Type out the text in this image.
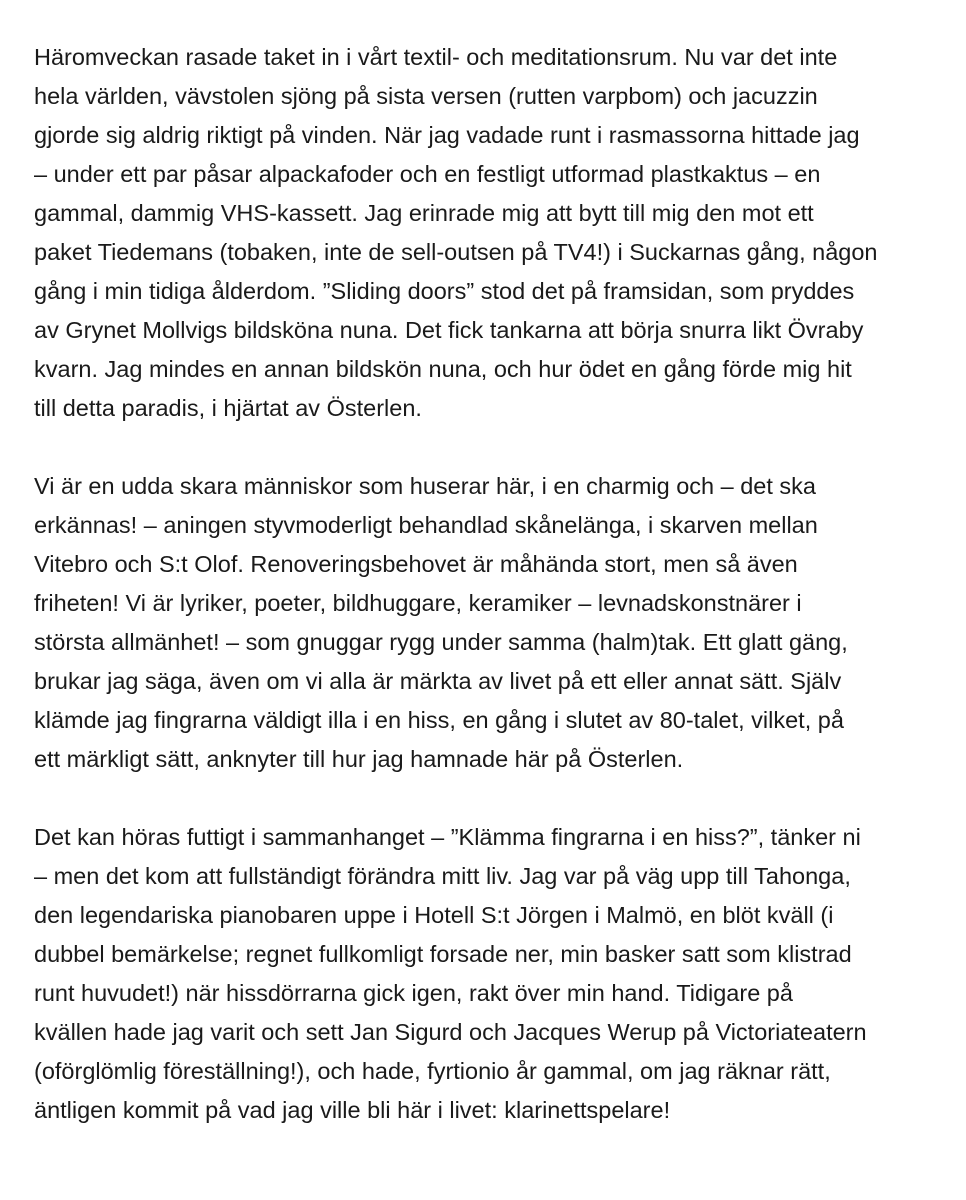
Häromveckan rasade taket in i vårt textil- och meditationsrum. Nu var det inte
hela världen, vävstolen sjöng på sista versen (rutten varpbom) och jacuzzin
gjorde sig aldrig riktigt på vinden. När jag vadade runt i rasmassorna hittade jag
– under ett par påsar alpackafoder och en festligt utformad plastkaktus – en
gammal, dammig VHS-kassett. Jag erinrade mig att bytt till mig den mot ett
paket Tiedemans (tobaken, inte de sell-outsen på TV4!) i Suckarnas gång, någon
gång i min tidiga ålderdom. ”Sliding doors” stod det på framsidan, som pryddes
av Grynet Mollvigs bildsköna nuna. Det fick tankarna att börja snurra likt Övraby
kvarn. Jag mindes en annan bildskön nuna, och hur ödet en gång förde mig hit
till detta paradis, i hjärtat av Österlen.

Vi är en udda skara människor som huserar här, i en charmig och – det ska
erkännas! – aningen styvmoderligt behandlad skånelänga, i skarven mellan
Vitebro och S:t Olof. Renoveringsbehovet är måhända stort, men så även
friheten! Vi är lyriker, poeter, bildhuggare, keramiker – levnadskonstnärer i
största allmänhet! – som gnuggar rygg under samma (halm)tak. Ett glatt gäng,
brukar jag säga, även om vi alla är märkta av livet på ett eller annat sätt. Själv
klämde jag fingrarna väldigt illa i en hiss, en gång i slutet av 80-talet, vilket, på
ett märkligt sätt, anknyter till hur jag hamnade här på Österlen.

Det kan höras futtigt i sammanhanget – ”Klämma fingrarna i en hiss?”, tänker ni
– men det kom att fullständigt förändra mitt liv. Jag var på väg upp till Tahonga,
den legendariska pianobaren uppe i Hotell S:t Jörgen i Malmö, en blöt kväll (i
dubbel bemärkelse; regnet fullkomligt forsade ner, min basker satt som klistrad
runt huvudet!) när hissdörrarna gick igen, rakt över min hand. Tidigare på
kvällen hade jag varit och sett Jan Sigurd och Jacques Werup på Victoriateatern
(oförglömlig föreställning!), och hade, fyrtionio år gammal, om jag räknar rätt,
äntligen kommit på vad jag ville bli här i livet: klarinettspelare!
